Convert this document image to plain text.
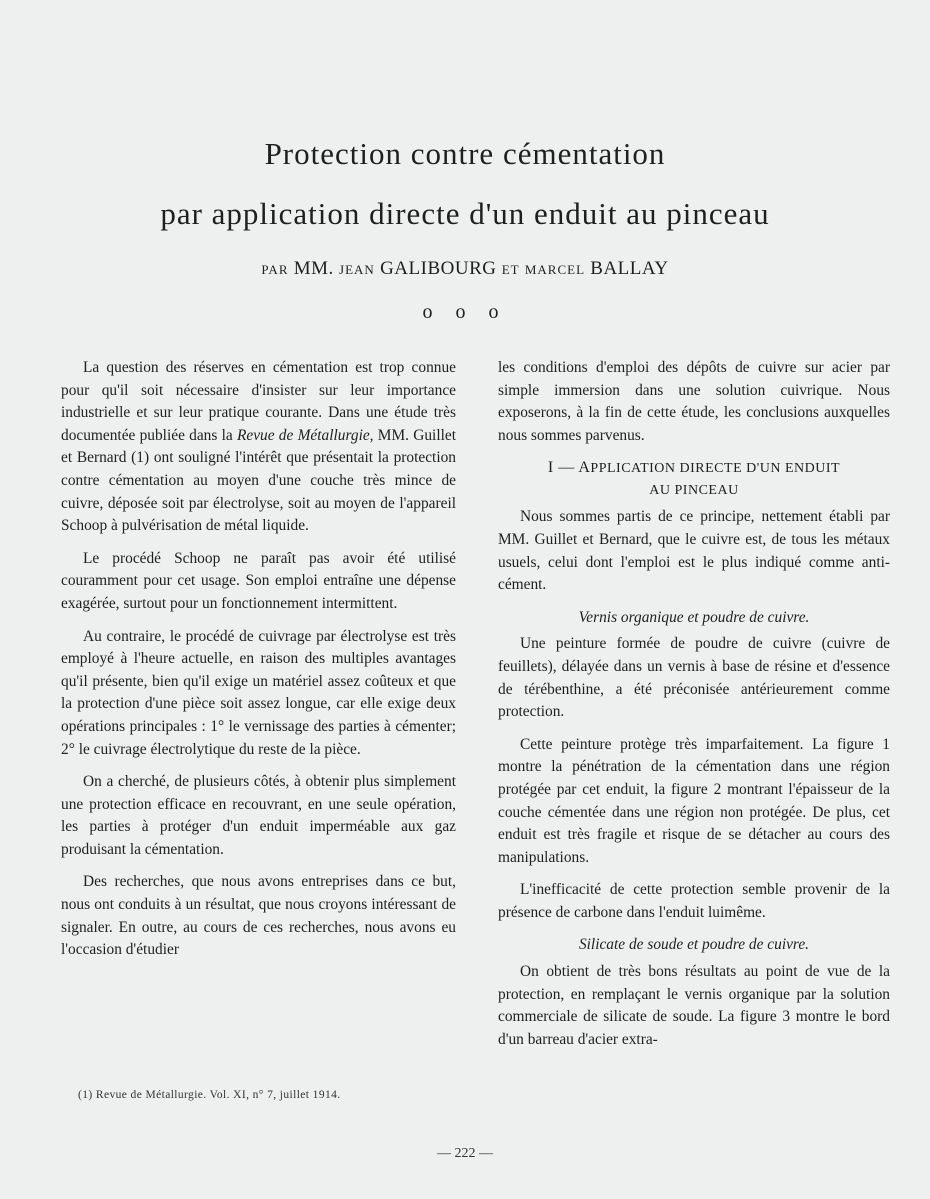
Protection contre cémentation
par application directe d'un enduit au pinceau
PAR MM. JEAN GALIBOURG ET MARCEL BALLAY
o o o

La question des réserves en cémentation est trop connue pour qu'il soit nécessaire d'insister sur leur importance industrielle et sur leur pratique courante. Dans une étude très documentée publiée dans la Revue de Métallurgie, MM. Guillet et Bernard (1) ont souligné l'intérêt que présentait la protection contre cémentation au moyen d'une couche très mince de cuivre, déposée soit par électrolyse, soit au moyen de l'appareil Schoop à pulvérisation de métal liquide.

Le procédé Schoop ne paraît pas avoir été utilisé couramment pour cet usage. Son emploi entraîne une dépense exagérée, surtout pour un fonctionnement intermittent.

Au contraire, le procédé de cuivrage par électrolyse est très employé à l'heure actuelle, en raison des multiples avantages qu'il présente, bien qu'il exige un matériel assez coûteux et que la protection d'une pièce soit assez longue, car elle exige deux opérations principales : 1° le vernissage des parties à cémenter; 2° le cuivrage électrolytique du reste de la pièce.

On a cherché, de plusieurs côtés, à obtenir plus simplement une protection efficace en recouvrant, en une seule opération, les parties à protéger d'un enduit imperméable aux gaz produisant la cémentation.

Des recherches, que nous avons entreprises dans ce but, nous ont conduits à un résultat, que nous croyons intéressant de signaler. En outre, au cours de ces recherches, nous avons eu l'occasion d'étudier

les conditions d'emploi des dépôts de cuivre sur acier par simple immersion dans une solution cuivrique. Nous exposerons, à la fin de cette étude, les conclusions auxquelles nous sommes parvenus.

I — APPLICATION DIRECTE D'UN ENDUIT
AU PINCEAU

Nous sommes partis de ce principe, nettement établi par MM. Guillet et Bernard, que le cuivre est, de tous les métaux usuels, celui dont l'emploi est le plus indiqué comme anti-cément.

Vernis organique et poudre de cuivre.

Une peinture formée de poudre de cuivre (cuivre de feuillets), délayée dans un vernis à base de résine et d'essence de térébenthine, a été préconisée antérieurement comme protection.

Cette peinture protège très imparfaitement. La figure 1 montre la pénétration de la cémentation dans une région protégée par cet enduit, la figure 2 montrant l'épaisseur de la couche cémentée dans une région non protégée. De plus, cet enduit est très fragile et risque de se détacher au cours des manipulations.

L'inefficacité de cette protection semble provenir de la présence de carbone dans l'enduit luimême.

Silicate de soude et poudre de cuivre.

On obtient de très bons résultats au point de vue de la protection, en remplaçant le vernis organique par la solution commerciale de silicate de soude. La figure 3 montre le bord d'un barreau d'acier extra-

(1) Revue de Métallurgie. Vol. XI, n° 7, juillet 1914.
— 222 —
